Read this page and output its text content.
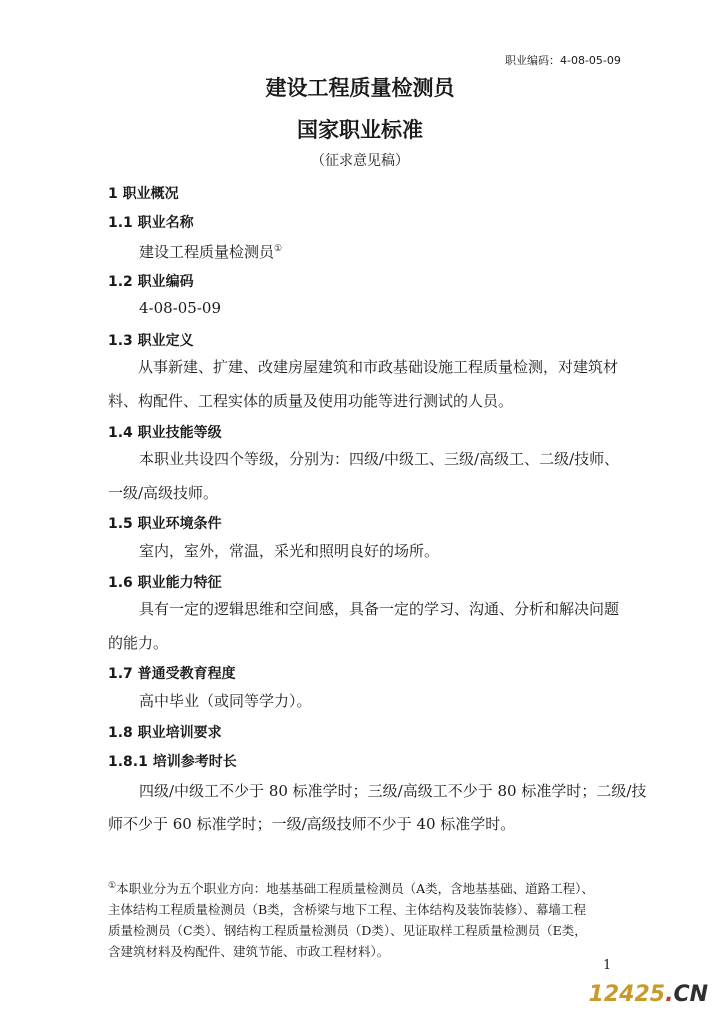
职业编码：4-08-05-09
建设工程质量检测员
国家职业标准
（征求意见稿）
1 职业概况
1.1 职业名称
建设工程质量检测员①
1.2 职业编码
4-08-05-09
1.3 职业定义
从事新建、扩建、改建房屋建筑和市政基础设施工程质量检测，对建筑材
料、构配件、工程实体的质量及使用功能等进行测试的人员。
1.4 职业技能等级
本职业共设四个等级，分别为：四级/中级工、三级/高级工、二级/技师、
一级/高级技师。
1.5 职业环境条件
室内，室外，常温，采光和照明良好的场所。
1.6 职业能力特征
具有一定的逻辑思维和空间感，具备一定的学习、沟通、分析和解决问题
的能力。
1.7 普通受教育程度
高中毕业（或同等学力）。
1.8 职业培训要求
1.8.1 培训参考时长
四级/中级工不少于 80 标准学时；三级/高级工不少于 80 标准学时；二级/技
师不少于 60 标准学时；一级/高级技师不少于 40 标准学时。
①本职业分为五个职业方向：地基基础工程质量检测员（A类，含地基基础、道路工程）、
主体结构工程质量检测员（B类，含桥梁与地下工程、主体结构及装饰装修）、幕墙工程
质量检测员（C类）、钢结构工程质量检测员（D类）、见证取样工程质量检测员（E类，
含建筑材料及构配件、建筑节能、市政工程材料）。
1
12425.CN
